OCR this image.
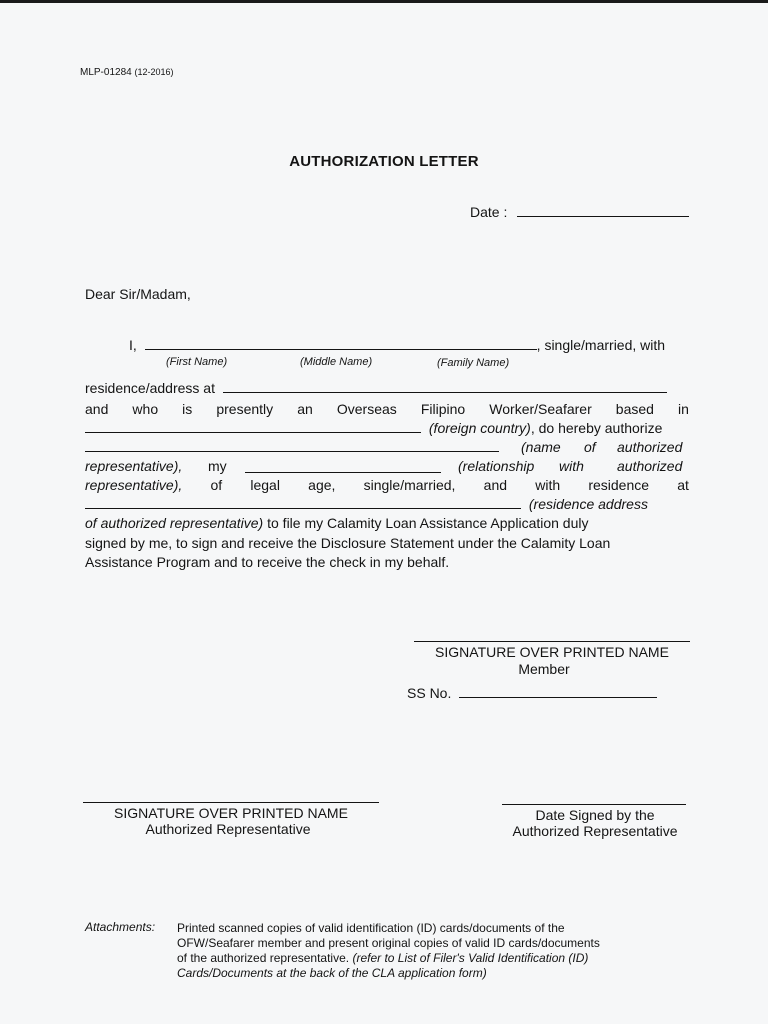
MLP-01284 (12-2016)
AUTHORIZATION LETTER
Date :
Dear Sir/Madam,
I,	, single/married, with
(First Name)	(Middle Name)	(Family Name)
residence/address at
and who is presently an Overseas Filipino Worker/Seafarer based in
(foreign country), do hereby authorize
(name of authorized
representative), my	(relationship with authorized
representative), of legal age, single/married, and with residence at
(residence address
of authorized representative) to file my Calamity Loan Assistance Application duly
signed by me, to sign and receive the Disclosure Statement under the Calamity Loan
Assistance Program and to receive the check in my behalf.
SIGNATURE OVER PRINTED NAME
Member
SS No.
SIGNATURE OVER PRINTED NAME
Authorized Representative
Date Signed by the
Authorized Representative
Attachments: Printed scanned copies of valid identification (ID) cards/documents of the
OFW/Seafarer member and present original copies of valid ID cards/documents
of the authorized representative. (refer to List of Filer's Valid Identification (ID)
Cards/Documents at the back of the CLA application form)
